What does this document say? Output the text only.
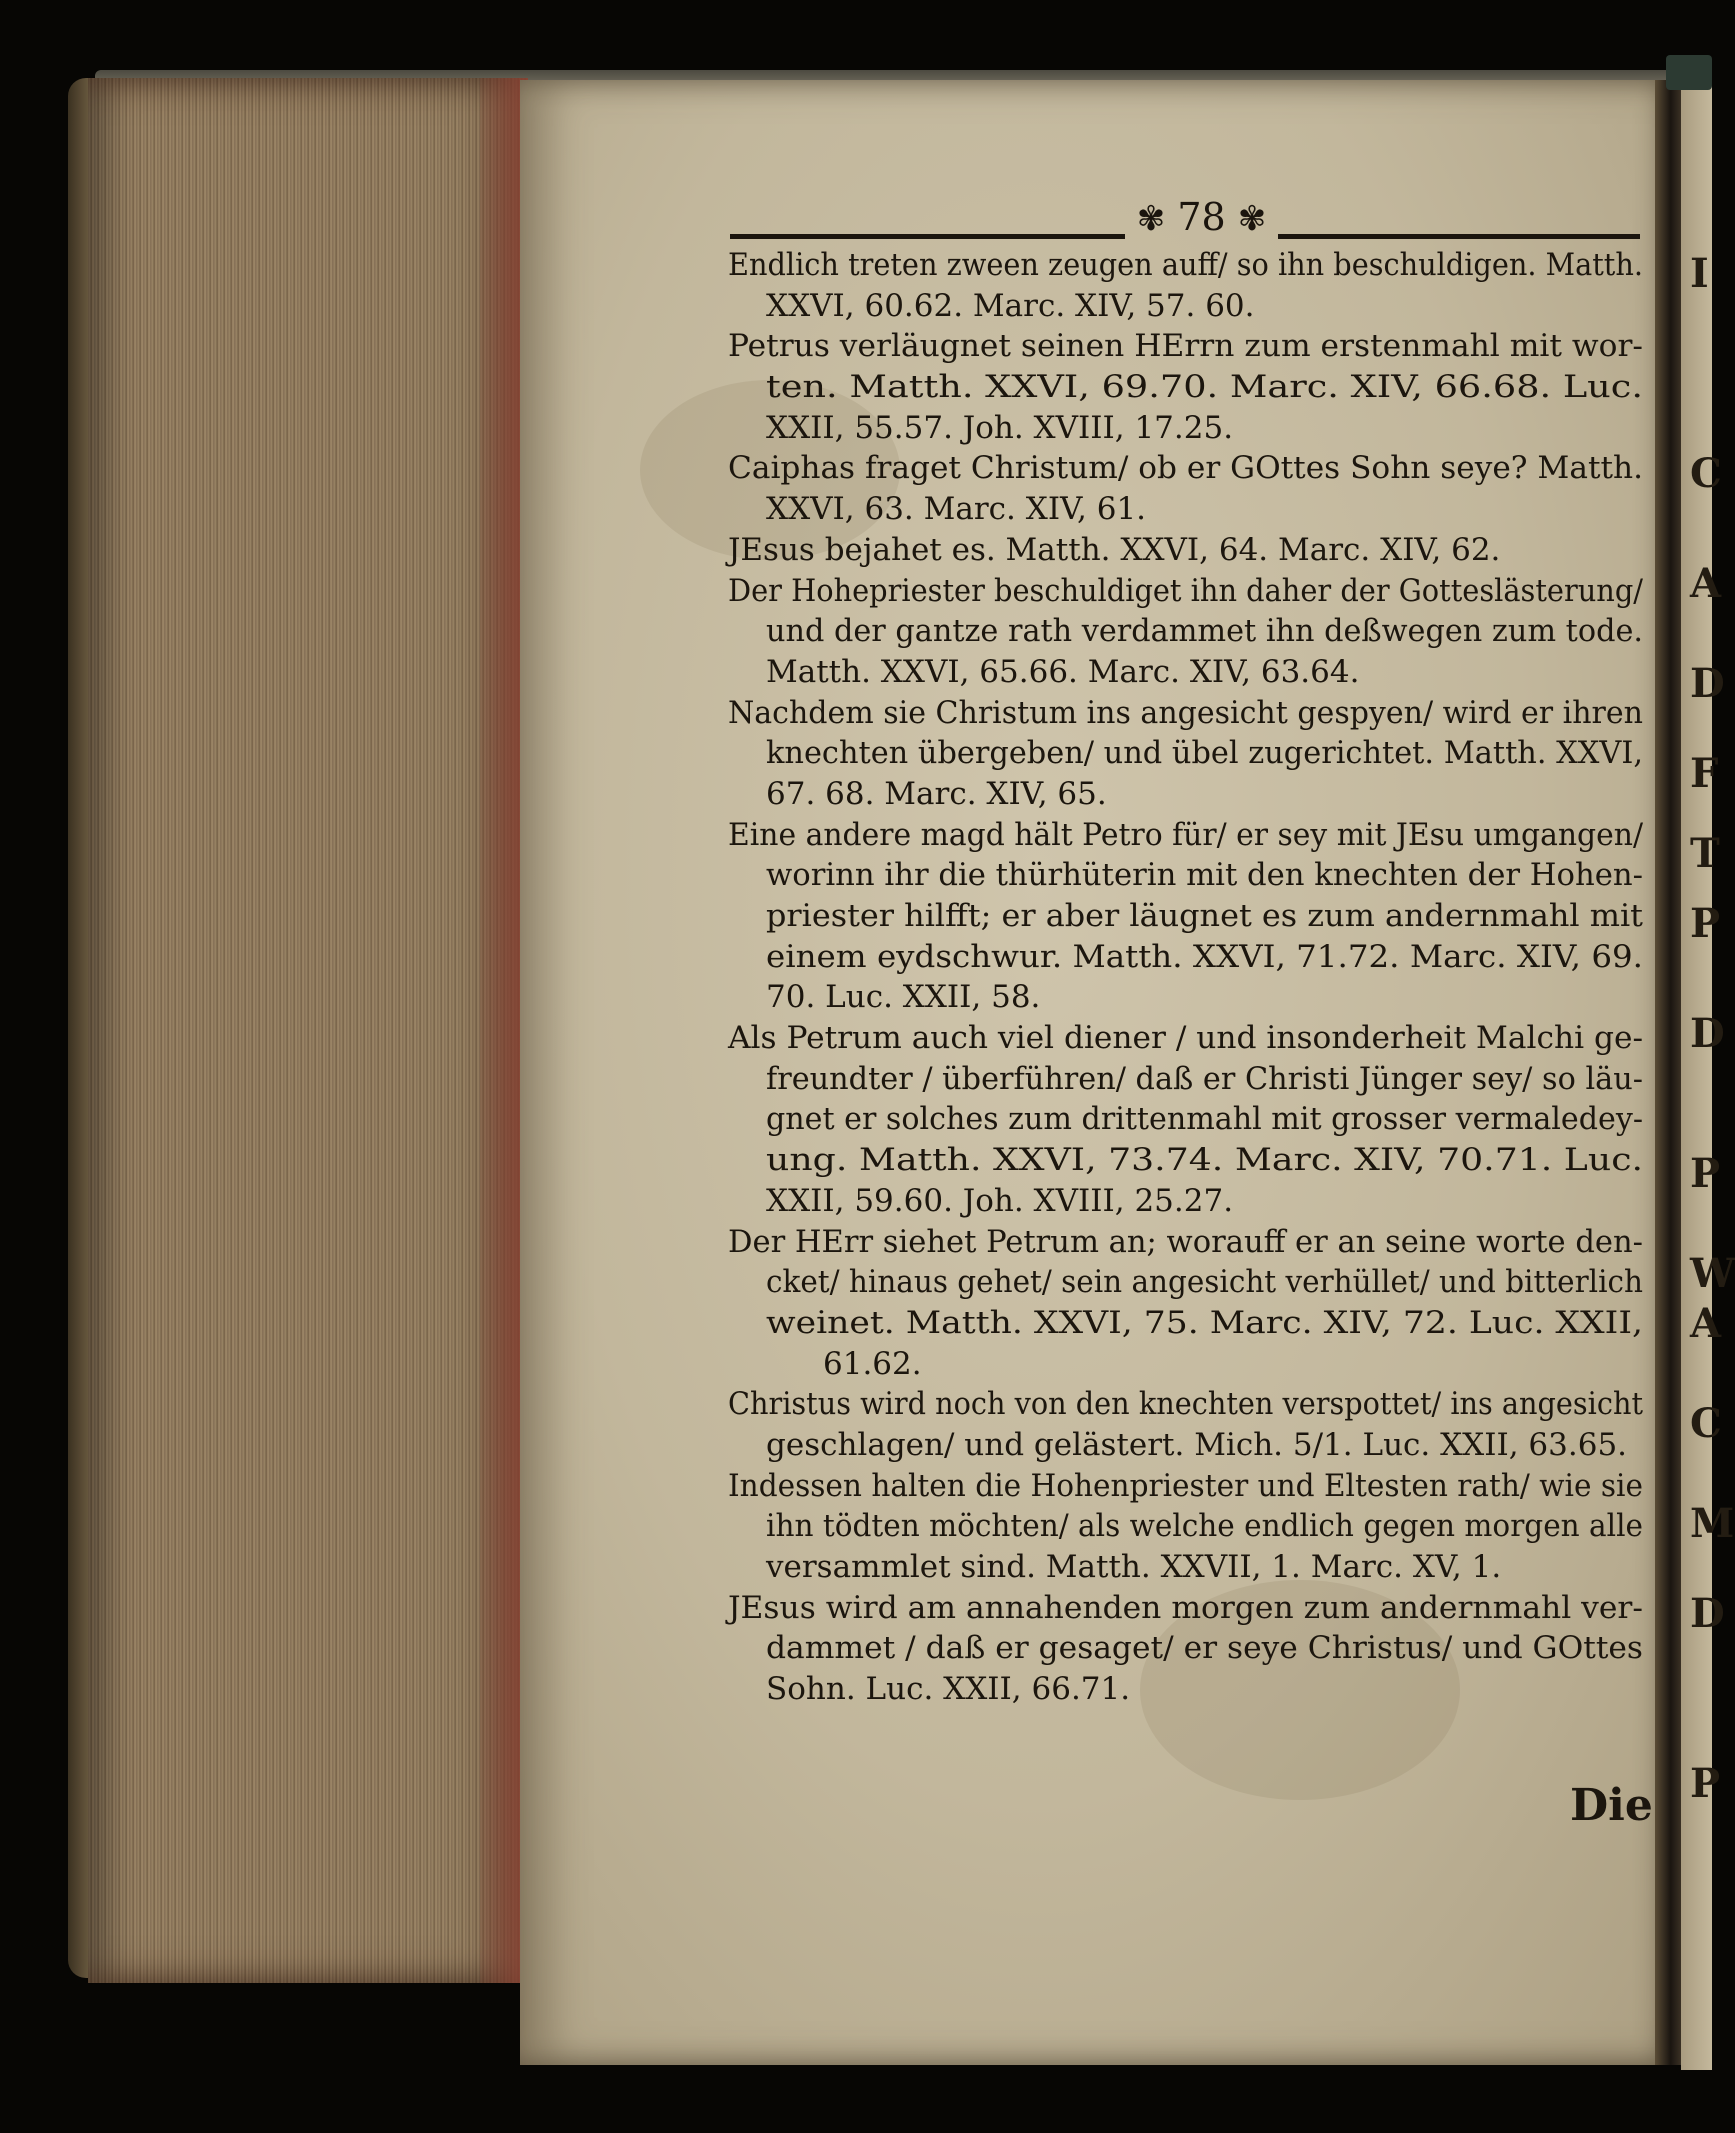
I
C
A
D
F
T
P
D
P
W
A
C
M
D
P
✾ 78 ✾
Endlich treten zween zeugen auff/ so ihn beschuldigen. Matth.
XXVI, 60.62. Marc. XIV, 57. 60.
Petrus verläugnet seinen HErrn zum erstenmahl mit wor-
ten. Matth. XXVI, 69.70. Marc. XIV, 66.68. Luc.
XXII, 55.57. Joh. XVIII, 17.25.
Caiphas fraget Christum/ ob er GOttes Sohn seye? Matth.
XXVI, 63. Marc. XIV, 61.
JEsus bejahet es. Matth. XXVI, 64. Marc. XIV, 62.
Der Hohepriester beschuldiget ihn daher der Gotteslästerung/
und der gantze rath verdammet ihn deßwegen zum tode.
Matth. XXVI, 65.66. Marc. XIV, 63.64.
Nachdem sie Christum ins angesicht gespyen/ wird er ihren
knechten übergeben/ und übel zugerichtet. Matth. XXVI,
67. 68. Marc. XIV, 65.
Eine andere magd hält Petro für/ er sey mit JEsu umgangen/
worinn ihr die thürhüterin mit den knechten der Hohen-
priester hilfft; er aber läugnet es zum andernmahl mit
einem eydschwur. Matth. XXVI, 71.72. Marc. XIV, 69.
70. Luc. XXII, 58.
Als Petrum auch viel diener / und insonderheit Malchi ge-
freundter / überführen/ daß er Christi Jünger sey/ so läu-
gnet er solches zum drittenmahl mit grosser vermaledey-
ung. Matth. XXVI, 73.74. Marc. XIV, 70.71. Luc.
XXII, 59.60. Joh. XVIII, 25.27.
Der HErr siehet Petrum an; worauff er an seine worte den-
cket/ hinaus gehet/ sein angesicht verhüllet/ und bitterlich
weinet. Matth. XXVI, 75. Marc. XIV, 72. Luc. XXII,
61.62.
Christus wird noch von den knechten verspottet/ ins angesicht
geschlagen/ und gelästert. Mich. 5/1. Luc. XXII, 63.65.
Indessen halten die Hohenpriester und Eltesten rath/ wie sie
ihn tödten möchten/ als welche endlich gegen morgen alle
versammlet sind. Matth. XXVII, 1. Marc. XV, 1.
JEsus wird am annahenden morgen zum andernmahl ver-
dammet / daß er gesaget/ er seye Christus/ und GOttes
Sohn. Luc. XXII, 66.71.
Die
